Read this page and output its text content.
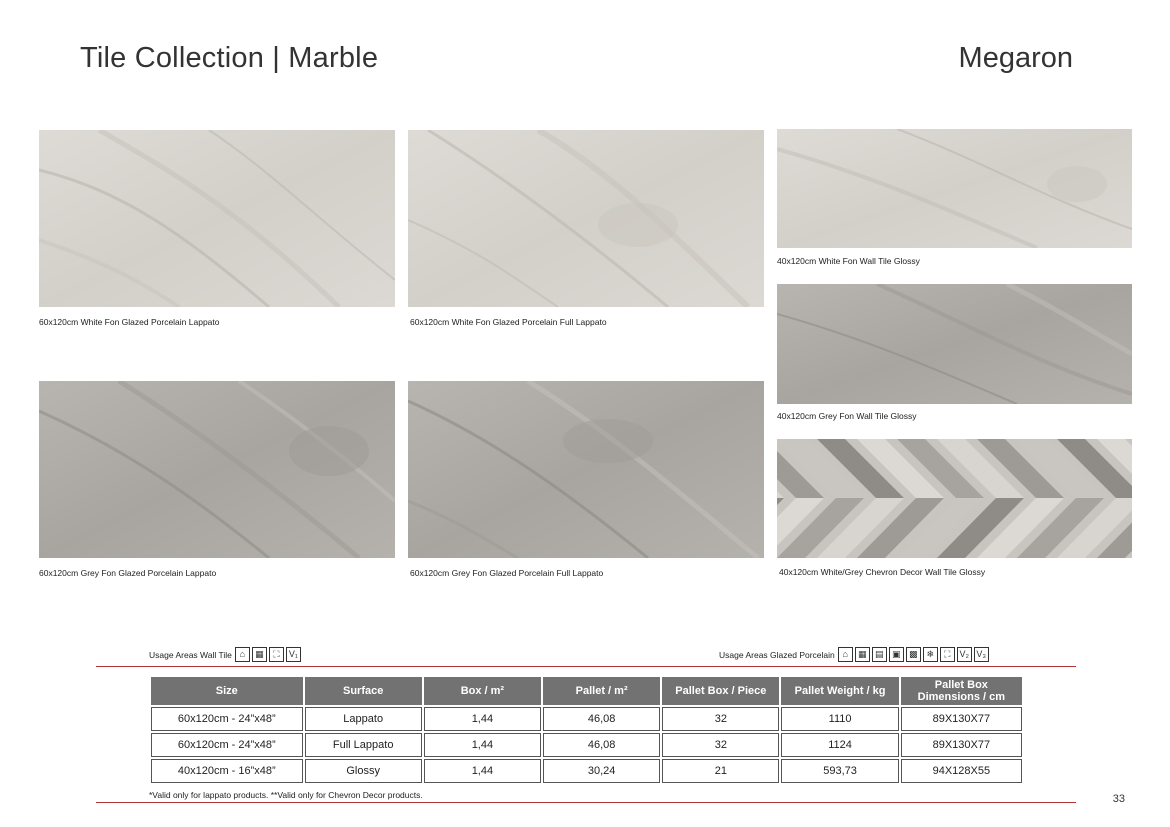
Tile Collection | Marble	Megaron
60x120cm White Fon Glazed Porcelain Lappato	60x120cm White Fon Glazed Porcelain Full Lappato
40x120cm White Fon Wall Tile Glossy
40x120cm Grey Fon Wall Tile Glossy
60x120cm Grey Fon Glazed Porcelain Lappato	60x120cm Grey Fon Glazed Porcelain Full Lappato	40x120cm White/Grey Chevron Decor Wall Tile Glossy
Usage Areas Wall Tile ⌂	▦	⛶	V₁	Usage Areas Glazed Porcelain ⌂	▦ ▤ ▣ ▩ ❄	⛶	V₂ V₃
Size	Surface	Box / m²	Pallet / m²	Pallet Box / Piece	Pallet Weight / kg	Pallet Box Dimensions / cm
60x120cm - 24”x48”	Lappato	1,44	46,08	32	1110	89X130X77
60x120cm - 24”x48”	Full Lappato	1,44	46,08	32	1124	89X130X77
40x120cm - 16”x48”	Glossy	1,44	30,24	21	593,73	94X128X55
*Valid only for lappato products. **Valid only for Chevron Decor products.	33
